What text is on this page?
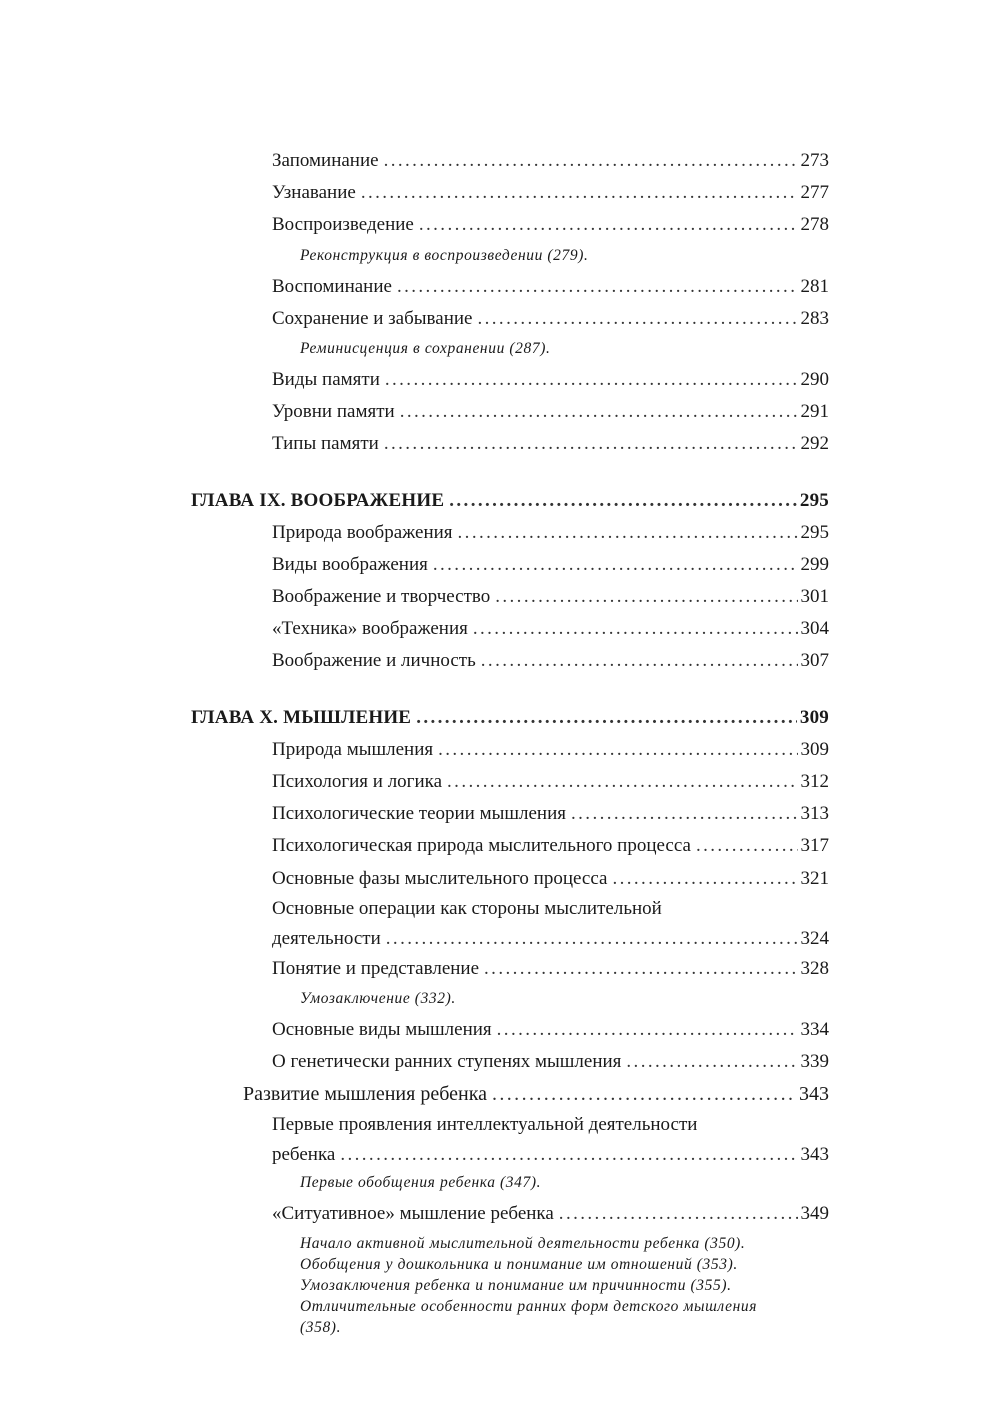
Запоминание .....	273
Узнавание .....	277
Воспроизведение .....	278
Реконструкция в воспроизведении (279).
Воспоминание .....	281
Сохранение и забывание .....	283
Реминисценция в сохранении (287).
Виды памяти .....	290
Уровни памяти .....	291
Типы памяти .....	292
ГЛАВА IX. ВООБРАЖЕНИЕ .....	295
Природа воображения .....	295
Виды воображения .....	299
Воображение и творчество .....	301
«Техника» воображения .....	304
Воображение и личность .....	307
ГЛАВА X. МЫШЛЕНИЕ .....	309
Природа мышления .....	309
Психология и логика .....	312
Психологические теории мышления .....	313
Психологическая природа мыслительного процесса .....	317
Основные фазы мыслительного процесса .....	321
Основные операции как стороны мыслительной
деятельности .....	324
Понятие и представление .....	328
Умозаключение (332).
Основные виды мышления .....	334
О генетически ранних ступенях мышления .....	339
Развитие мышления ребенка .....	343
Первые проявления интеллектуальной деятельности
ребенка .....	343
Первые обобщения ребенка (347).
«Ситуативное» мышление ребенка .....	349
Начало активной мыслительной деятельности ребенка (350).
Обобщения у дошкольника и понимание им отношений (353).
Умозаключения ребенка и понимание им причинности (355).
Отличительные особенности ранних форм детского мышления
(358).
